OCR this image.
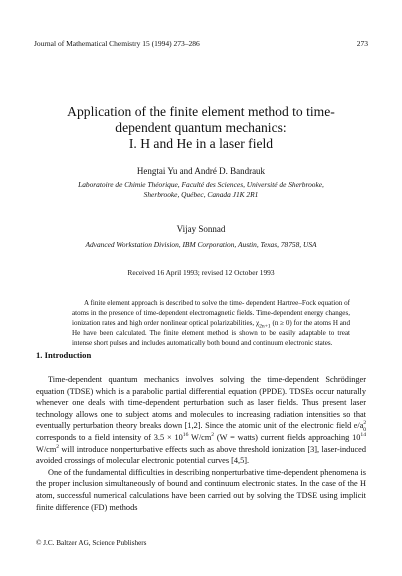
Journal of Mathematical Chemistry 15 (1994) 273–286	273
Application of the finite element method to time-
dependent quantum mechanics:
I. H and He in a laser field
Hengtai Yu and André D. Bandrauk
Laboratoire de Chimie Théorique, Faculté des Sciences, Université de Sherbrooke,
Sherbrooke, Québec, Canada J1K 2R1
Vijay Sonnad
Advanced Workstation Division, IBM Corporation, Austin, Texas, 78758, USA
Received 16 April 1993; revised 12 October 1993
A finite element approach is described to solve the time- dependent Hartree–Fock equation of atoms in the presence of time-dependent electromagnetic fields. Time-dependent energy changes, ionization rates and high order nonlinear optical polarizabilities, $\chi_{2n+1}$ (n ≥ 0) for the atoms H and He have been calculated. The finite element method is shown to be easily adaptable to treat intense short pulses and includes automatically both bound and continuum electronic states.
1. Introduction

Time-dependent quantum mechanics involves solving the time-dependent Schrödinger equation (TDSE) which is a parabolic partial differential equation (PPDE). TDSEs occur naturally whenever one deals with time-dependent perturbation such as laser fields. Thus present laser technology allows one to subject atoms and molecules to increasing radiation intensities so that eventually perturbation theory breaks down [1,2]. Since the atomic unit of the electronic field $e/a^2_0$ corresponds to a field intensity of $3.5 \times 10^{16}$ $W/cm^2$ (W = watts) current fields approaching $10^{14}$ $W/cm^2$ will introduce nonperturbative effects such as above threshold ionization [3], laser-induced avoided crossings of molecular electronic potential curves [4,5].

One of the fundamental difficulties in describing nonperturbative time-dependent phenomena is the proper inclusion simultaneously of bound and continuum electronic states. In the case of the H atom, successful numerical calculations have been carried out by solving the TDSE using implicit finite difference (FD) methods

© J.C. Baltzer AG, Science Publishers
